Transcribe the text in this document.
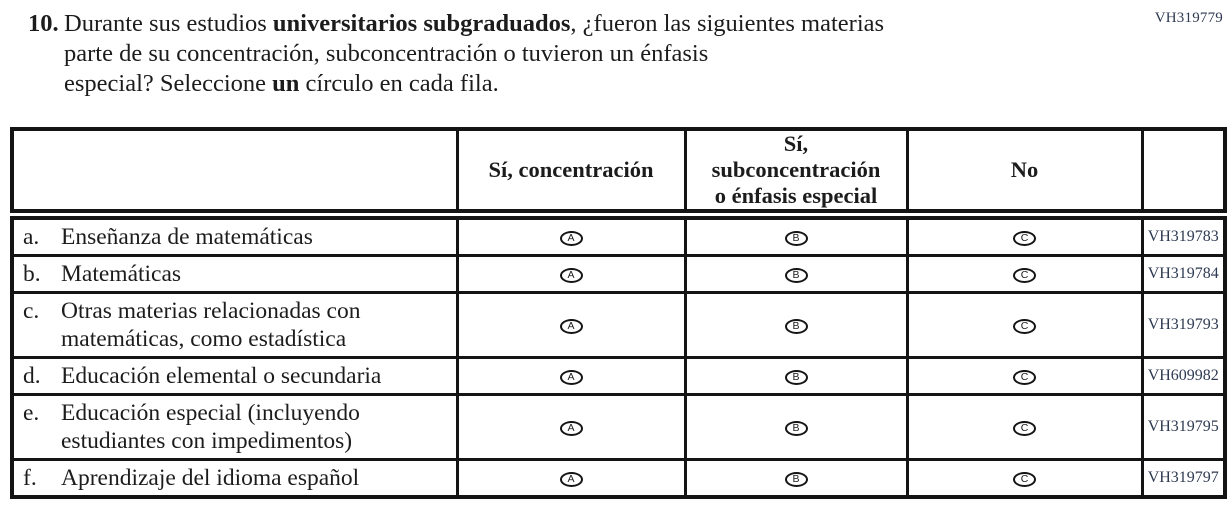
VH319779
10. Durante sus estudios universitarios subgraduados, ¿fueron las siguientes materias
parte de su concentración, subconcentración o tuvieron un énfasis
especial? Seleccione un círculo en cada fila.
	Sí, concentración	Sí,
subconcentración
o énfasis especial	No	

a. Enseñanza de matemáticas	A	B	C	VH319783

b. Matemáticas	A	B	C	VH319784

c. Otras materias relacionadas con matemáticas, como estadística	A	B	C	VH319793

d. Educación elemental o secundaria	A	B	C	VH609982

e. Educación especial (incluyendo estudiantes con impedimentos)	A	B	C	VH319795

f. Aprendizaje del idioma español	A	B	C	VH319797
